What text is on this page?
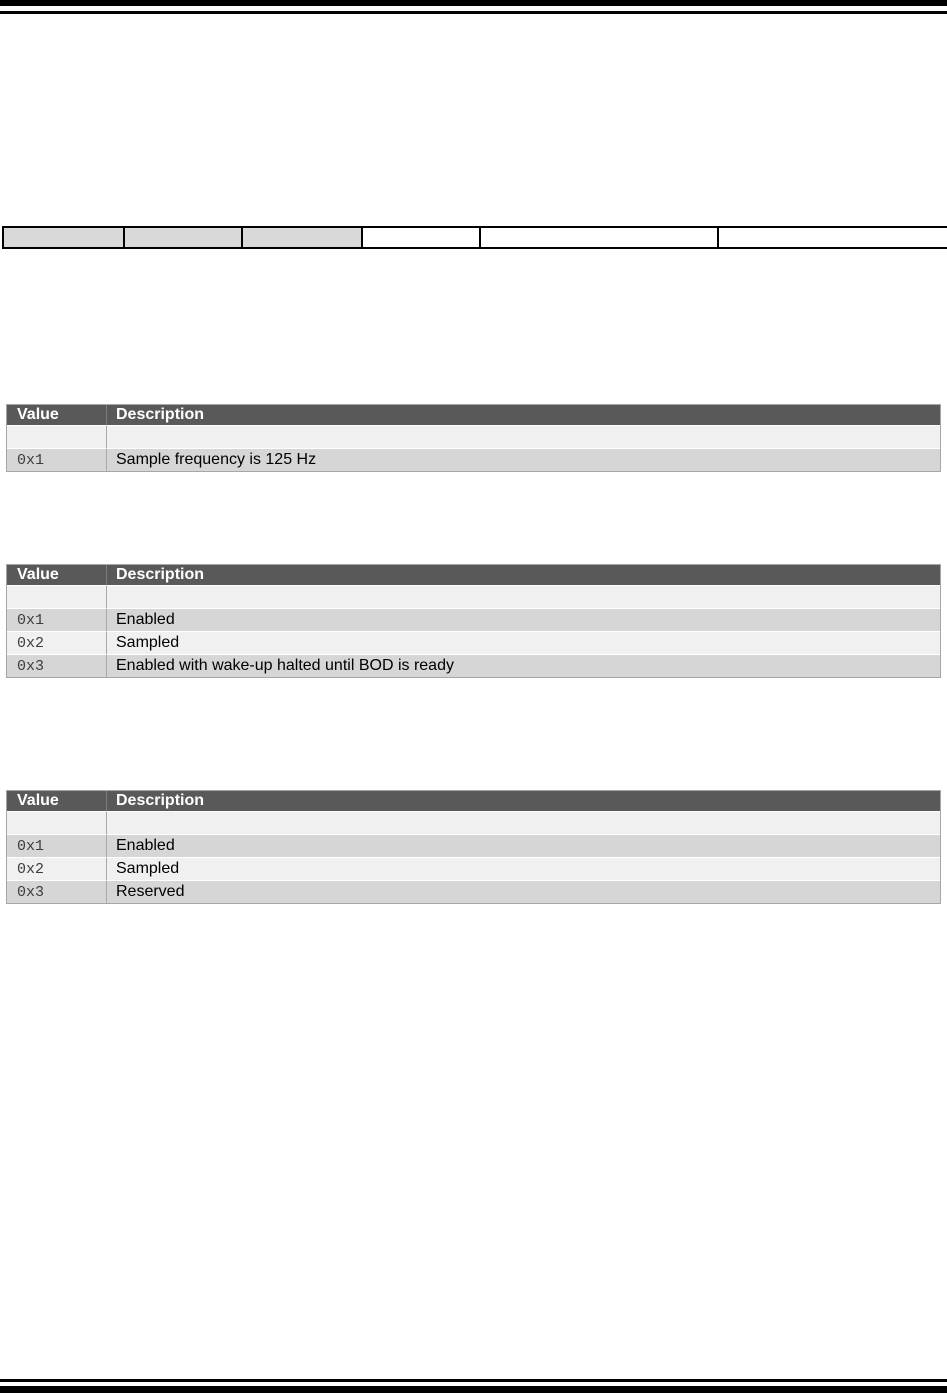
Value	Description

0x1	Sample frequency is 125 Hz
Value	Description

0x1	Enabled
0x2	Sampled
0x3	Enabled with wake-up halted until BOD is ready
Value	Description

0x1	Enabled
0x2	Sampled
0x3	Reserved
